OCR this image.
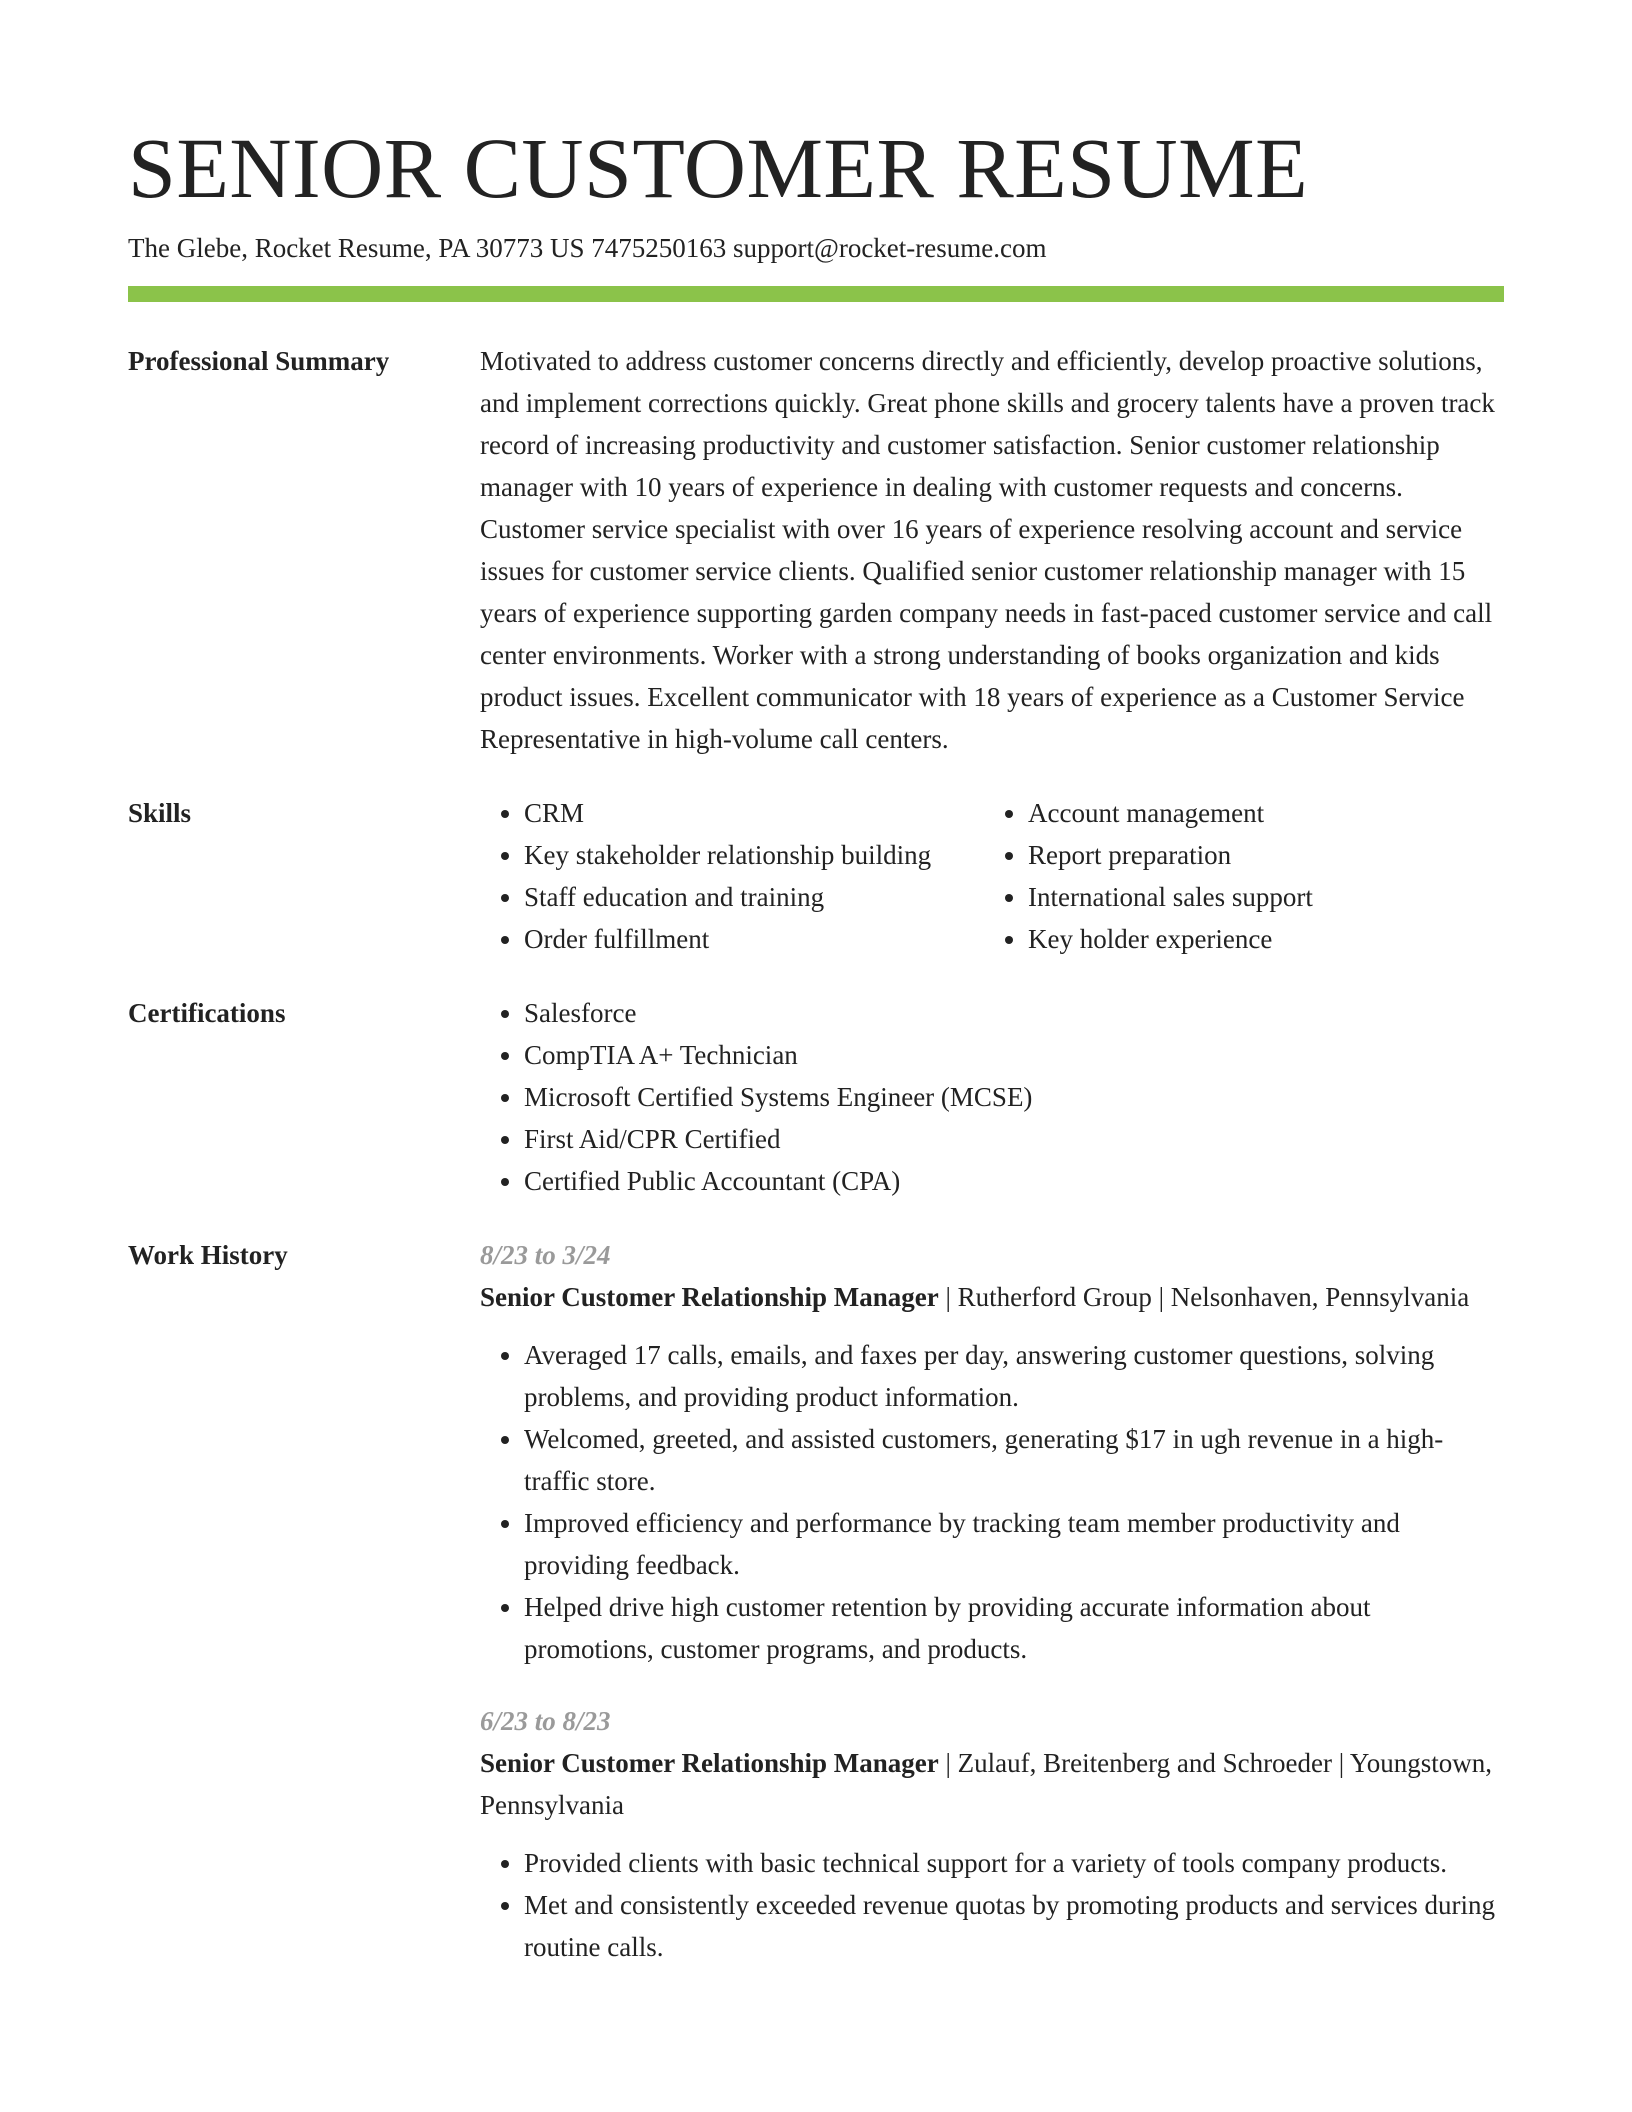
SENIOR CUSTOMER RESUME
The Glebe, Rocket Resume, PA 30773 US 7475250163 support@rocket-resume.com
Professional Summary	Motivated to address customer concerns directly and efficiently, develop proactive solutions, and implement corrections quickly. Great phone skills and grocery talents have a proven track record of increasing productivity and customer satisfaction. Senior customer relationship manager with 10 years of experience in dealing with customer requests and concerns. Customer service specialist with over 16 years of experience resolving account and service issues for customer service clients. Qualified senior customer relationship manager with 15 years of experience supporting garden company needs in fast-paced customer service and call center environments. Worker with a strong understanding of books organization and kids product issues. Excellent communicator with 18 years of experience as a Customer Service Representative in high-volume call centers.
Skills	• CRM
• Key stakeholder relationship building
• Staff education and training
• Order fulfillment
• Account management
• Report preparation
• International sales support
• Key holder experience
Certifications	• Salesforce
• CompTIA A+ Technician
• Microsoft Certified Systems Engineer (MCSE)
• First Aid/CPR Certified
• Certified Public Accountant (CPA)
Work History	8/23 to 3/24
Senior Customer Relationship Manager | Rutherford Group | Nelsonhaven, Pennsylvania
• Averaged 17 calls, emails, and faxes per day, answering customer questions, solving problems, and providing product information.
• Welcomed, greeted, and assisted customers, generating $17 in ugh revenue in a high-traffic store.
• Improved efficiency and performance by tracking team member productivity and providing feedback.
• Helped drive high customer retention by providing accurate information about promotions, customer programs, and products.
6/23 to 8/23
Senior Customer Relationship Manager | Zulauf, Breitenberg and Schroeder | Youngstown, Pennsylvania
• Provided clients with basic technical support for a variety of tools company products.
• Met and consistently exceeded revenue quotas by promoting products and services during routine calls.
